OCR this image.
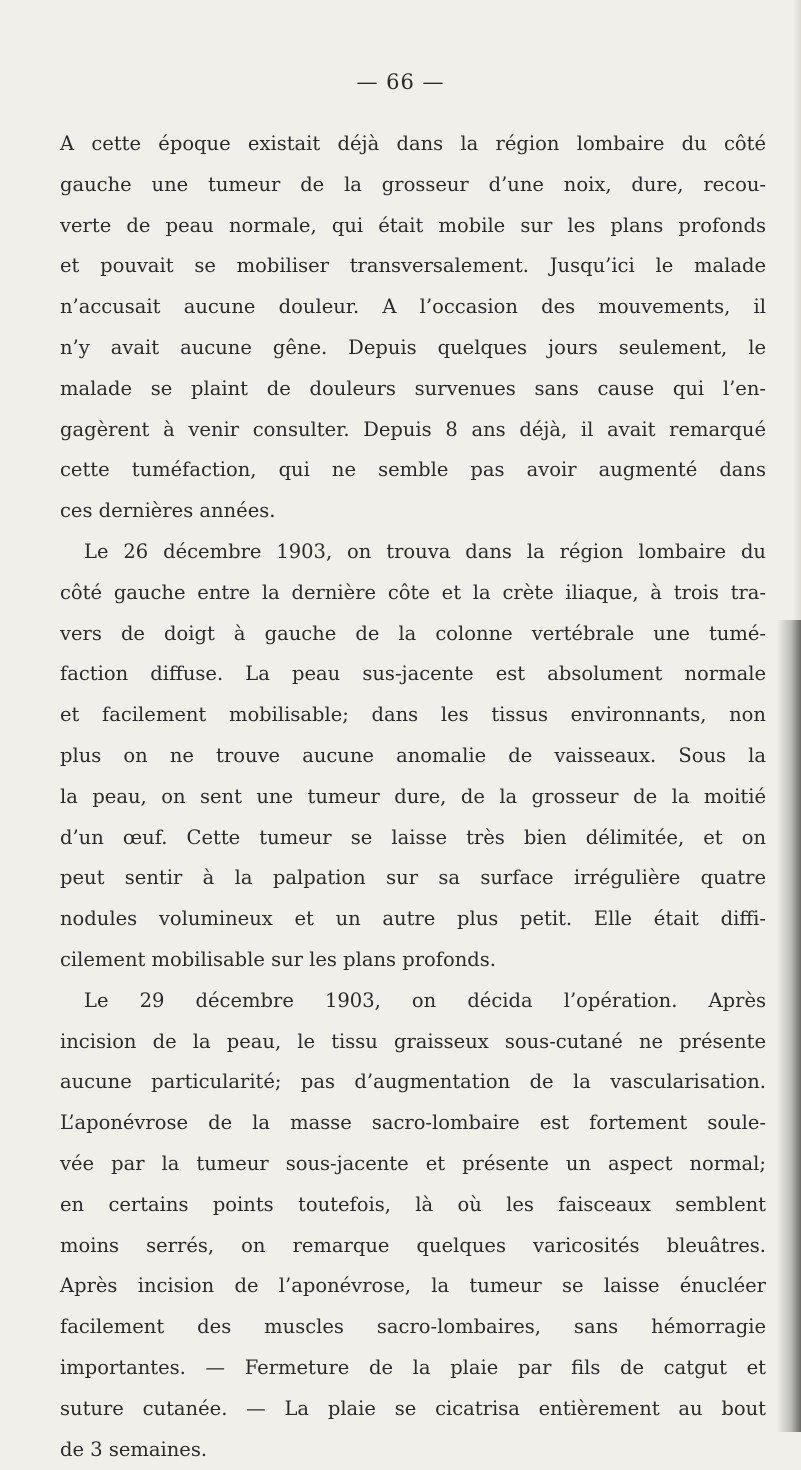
— 66 —
A cette époque existait déjà dans la région lombaire du côté
gauche une tumeur de la grosseur d’une noix, dure, recou-
verte de peau normale, qui était mobile sur les plans profonds
et pouvait se mobiliser transversalement. Jusqu’ici le malade
n’accusait aucune douleur. A l’occasion des mouvements, il
n’y avait aucune gêne. Depuis quelques jours seulement, le
malade se plaint de douleurs survenues sans cause qui l’en-
gagèrent à venir consulter. Depuis 8 ans déjà, il avait remarqué
cette tuméfaction, qui ne semble pas avoir augmenté dans
ces dernières années.
Le 26 décembre 1903, on trouva dans la région lombaire du
côté gauche entre la dernière côte et la crète iliaque, à trois tra-
vers de doigt à gauche de la colonne vertébrale une tumé-
faction diffuse. La peau sus-jacente est absolument normale
et facilement mobilisable; dans les tissus environnants, non
plus on ne trouve aucune anomalie de vaisseaux. Sous la
la peau, on sent une tumeur dure, de la grosseur de la moitié
d’un œuf. Cette tumeur se laisse très bien délimitée, et on
peut sentir à la palpation sur sa surface irrégulière quatre
nodules volumineux et un autre plus petit. Elle était diffi-
cilement mobilisable sur les plans profonds.
Le 29 décembre 1903, on décida l’opération. Après
incision de la peau, le tissu graisseux sous-cutané ne présente
aucune particularité; pas d’augmentation de la vascularisation.
L’aponévrose de la masse sacro-lombaire est fortement soule-
vée par la tumeur sous-jacente et présente un aspect normal;
en certains points toutefois, là où les faisceaux semblent
moins serrés, on remarque quelques varicosités bleuâtres.
Après incision de l’aponévrose, la tumeur se laisse énucléer
facilement des muscles sacro-lombaires, sans hémorragie
importantes. — Fermeture de la plaie par fils de catgut et
suture cutanée. — La plaie se cicatrisa entièrement au bout
de 3 semaines.
